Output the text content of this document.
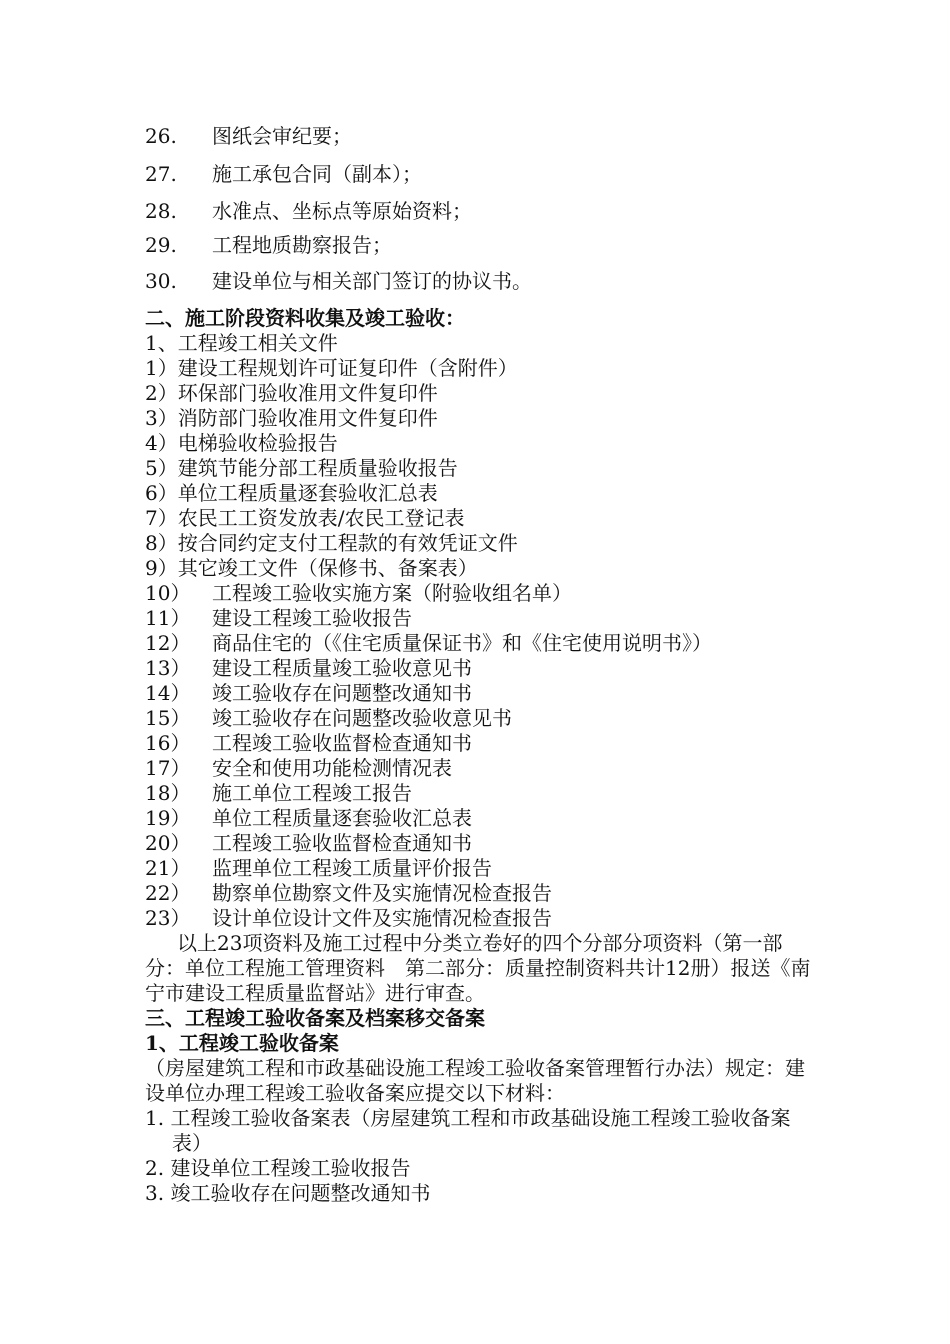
26. 图纸会审纪要；
27. 施工承包合同（副本）；
28. 水准点、坐标点等原始资料；
29. 工程地质勘察报告；
30. 建设单位与相关部门签订的协议书。
二、施工阶段资料收集及竣工验收：
1、工程竣工相关文件
1）建设工程规划许可证复印件（含附件）
2）环保部门验收准用文件复印件
3）消防部门验收准用文件复印件
4）电梯验收检验报告
5）建筑节能分部工程质量验收报告
6）单位工程质量逐套验收汇总表
7）农民工工资发放表/农民工登记表
8）按合同约定支付工程款的有效凭证文件
9）其它竣工文件（保修书、备案表）
10） 工程竣工验收实施方案（附验收组名单）
11） 建设工程竣工验收报告
12） 商品住宅的（《住宅质量保证书》和《住宅使用说明书》）
13） 建设工程质量竣工验收意见书
14） 竣工验收存在问题整改通知书
15） 竣工验收存在问题整改验收意见书
16） 工程竣工验收监督检查通知书
17） 安全和使用功能检测情况表
18） 施工单位工程竣工报告
19） 单位工程质量逐套验收汇总表
20） 工程竣工验收监督检查通知书
21） 监理单位工程竣工质量评价报告
22） 勘察单位勘察文件及实施情况检查报告
23） 设计单位设计文件及实施情况检查报告
以上23项资料及施工过程中分类立卷好的四个分部分项资料（第一部分：单位工程施工管理资料　第二部分：质量控制资料共计12册）报送《南宁市建设工程质量监督站》进行审查。
三、工程竣工验收备案及档案移交备案
1、工程竣工验收备案
（房屋建筑工程和市政基础设施工程竣工验收备案管理暂行办法）规定：建设单位办理工程竣工验收备案应提交以下材料：
1. 工程竣工验收备案表（房屋建筑工程和市政基础设施工程竣工验收备案表）
2. 建设单位工程竣工验收报告
3. 竣工验收存在问题整改通知书
